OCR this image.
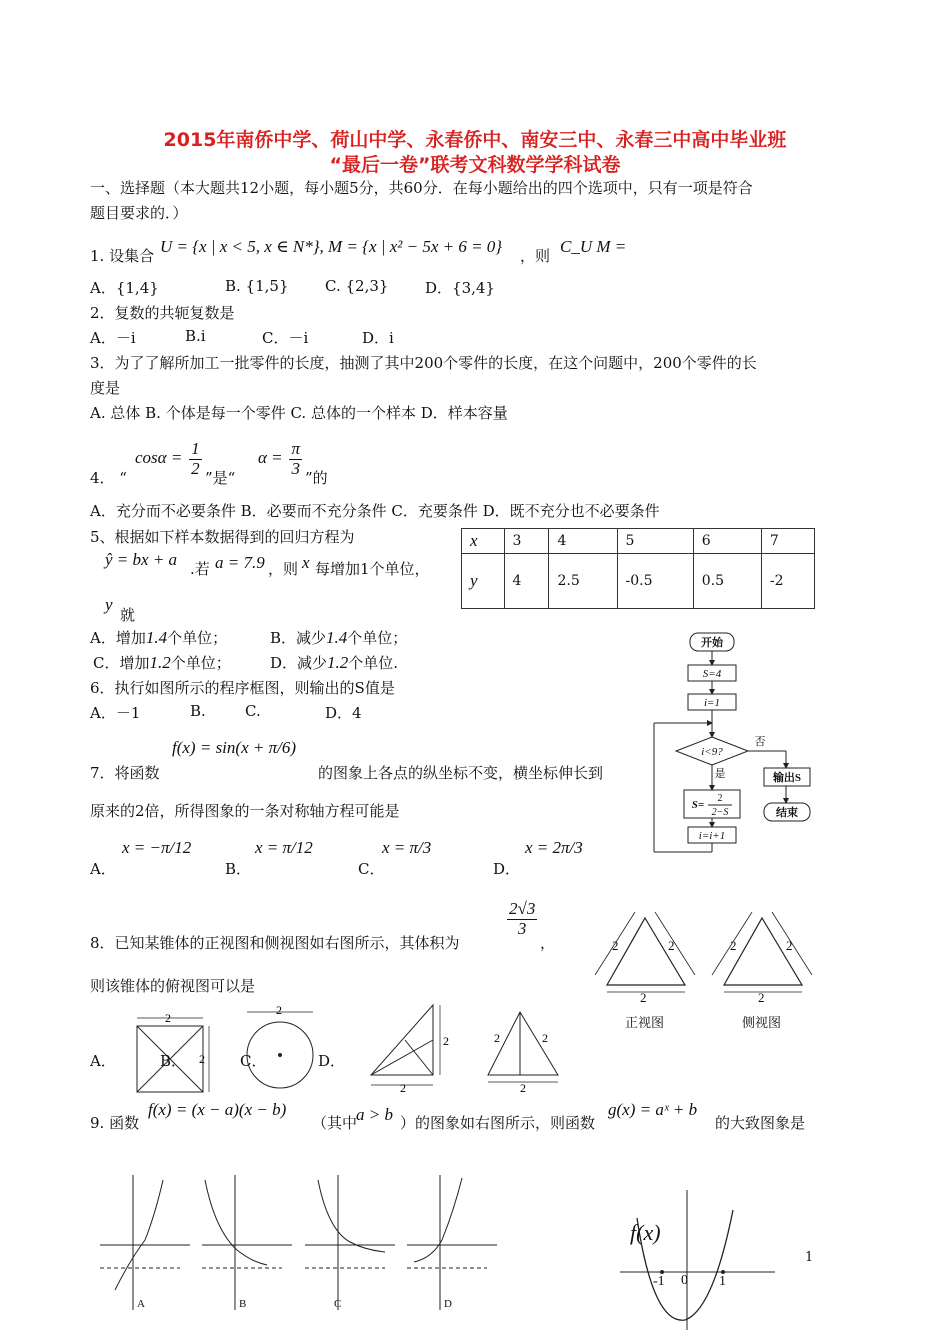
2015年南侨中学、荷山中学、永春侨中、南安三中、永春三中高中毕业班
“最后一卷”联考文科数学学科试卷
一、选择题（本大题共12小题，每小题5分，共60分．在每小题给出的四个选项中，只有一项是符合
题目要求的．）
1. 设集合 U = {x | x < 5, x ∈ N*}, M = {x | x² − 5x + 6 = 0} ，则 C_U M =
A．{1,4}	B. {1,5} C. {2,3} D．{3,4}
2．复数的共轭复数是
A．－i	B.i	C．－i	D．i
3．为了了解所加工一批零件的长度，抽测了其中200个零件的长度，在这个问题中，200个零件的长
度是
A. 总体 B. 个体是每一个零件 C. 总体的一个样本 D．样本容量
4． “
$\cos\alpha = \frac{1}{2}$ ”是“
$\alpha = \frac{\pi}{3}$ ”的
A．充分而不必要条件 B．必要而不充分条件 C．充要条件 D．既不充分也不必要条件
5、根据如下样本数据得到的回归方程为
ŷ = bx + a .若 a = 7.9 ，则 x 每增加1个单位，
y
就
x	3	4	5	6	7
y	4	2.5	-0.5	0.5	-2
A．增加1.4个单位；	B．减少1.4个单位；
C．增加1.2个单位；	D．减少1.2个单位.
6．执行如图所示的程序框图，则输出的S值是
A．－1	B.	C.	D．4
开始
S=4
i=1
i<9?
否
是	输出S
结束
S=
2
2−S
i=i+1
7．将函数
f(x) = sin(x + π/6)
的图象上各点的纵坐标不变，横坐标伸长到
原来的2倍，所得图象的一条对称轴方程可能是
A．
x = −π/12
B．
x = π/12
C．
x = π/3
D．
x = 2π/3
8．已知某锥体的正视图和侧视图如右图所示，其体积为
$\frac{2√3}{3}$
，
则该锥体的俯视图可以是
2	2
2
2	2
2
正视图	侧视图
A．
2
2
B．
2
C．	D．
2
2
2	2
2
9. 函数
f(x) = (x − a)(x − b)
（其中
a > b ）的图象如右图所示，则函数
g(x) = aˣ + b
的大致图象是
A	B	C	D
f(x)
-1 0 1
1
